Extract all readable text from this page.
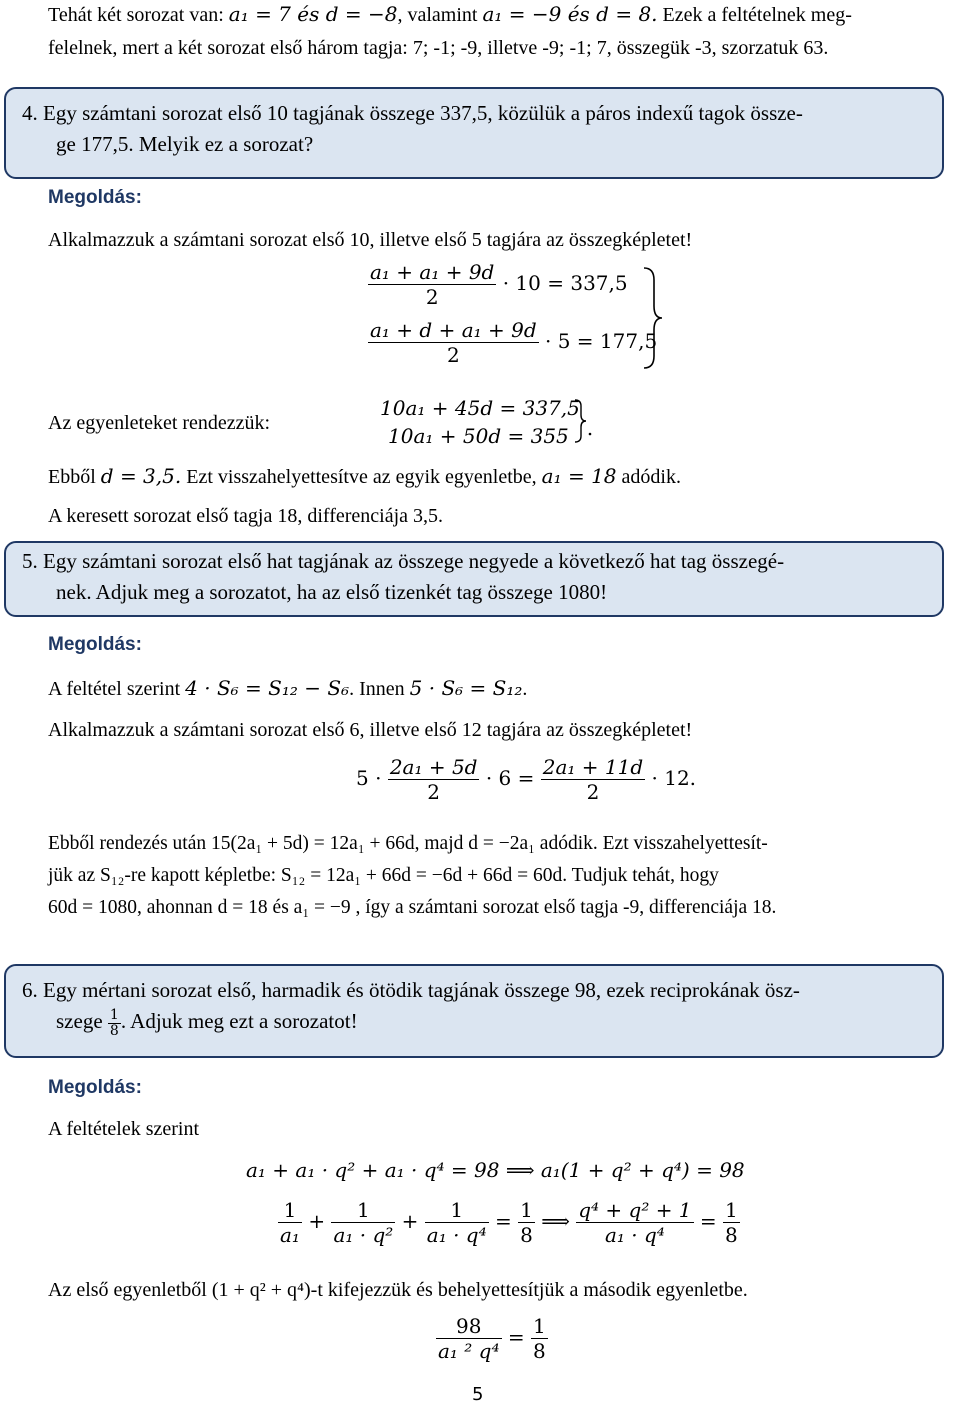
Tehát két sorozat van: a₁ = 7 és d = −8, valamint a₁ = −9 és d = 8. Ezek a feltételnek meg-
felelnek, mert a két sorozat első három tagja: 7; -1; -9, illetve -9; -1; 7, összegük -3, szorzatuk 63.
4. Egy számtani sorozat első 10 tagjának összege 337,5, közülük a páros indexű tagok össze-
ge 177,5. Melyik ez a sorozat?
Megoldás:
Alkalmazzuk a számtani sorozat első 10, illetve első 5 tagjára az összegképletet!
$\frac{\text{a₁ + a₁ + 9d}}{2} \cdot 10 = 337,5$
$\frac{\text{a₁ + d + a₁ + 9d}}{2} \cdot 5 = 177,5$
Az egyenleteket rendezzük:
10a₁ + 45d = 337,5
10a₁ + 50d = 355
Ebből d = 3,5. Ezt visszahelyettesítve az egyik egyenletbe, a₁ = 18 adódik.
A keresett sorozat első tagja 18, differenciája 3,5.
5. Egy számtani sorozat első hat tagjának az összege negyede a következő hat tag összegé-
nek. Adjuk meg a sorozatot, ha az első tizenkét tag összege 1080!
Megoldás:
A feltétel szerint 4 · S₆ = S₁₂ − S₆. Innen 5 · S₆ = S₁₂.
Alkalmazzuk a számtani sorozat első 6, illetve első 12 tagjára az összegképletet!
$5 \cdot \frac{\text{2a₁ + 5d}}{2} \cdot 6 = \frac{\text{2a₁ + 11d}}{2} \cdot 12$.
Ebből rendezés után 15(2a₁ + 5d) = 12a₁ + 66d, majd d = −2a₁ adódik. Ezt visszahelyettesít-
jük az S₁₂-re kapott képletbe: S₁₂ = 12a₁ + 66d = −6d + 66d = 60d. Tudjuk tehát, hogy
60d = 1080, ahonnan d = 18 és a₁ = −9 , így a számtani sorozat első tagja -9, differenciája 18.
6. Egy mértani sorozat első, harmadik és ötödik tagjának összege 98, ezek reciprokának ösz-
szege $\frac{1}{8}$ . Adjuk meg ezt a sorozatot!
Megoldás:
A feltételek szerint
a₁ + a₁ · q² + a₁ · q⁴ = 98 ⟹ a₁(1 + q² + q⁴) = 98
$\frac{1}{\text{a₁}} + \frac{1}{\text{a₁ · q²}} + \frac{1}{\text{a₁ · q⁴}} = \frac{1}{8}$ ⟹ $\frac{\text{q⁴ + q² + 1}}{\text{a₁ · q⁴}} = \frac{1}{8}$
Az első egyenletből (1 + q² + q⁴)-t kifejezzük és behelyettesítjük a második egyenletbe.
$\frac{98}{\text{a₁ ² q⁴}} = \frac{1}{8}$
5
